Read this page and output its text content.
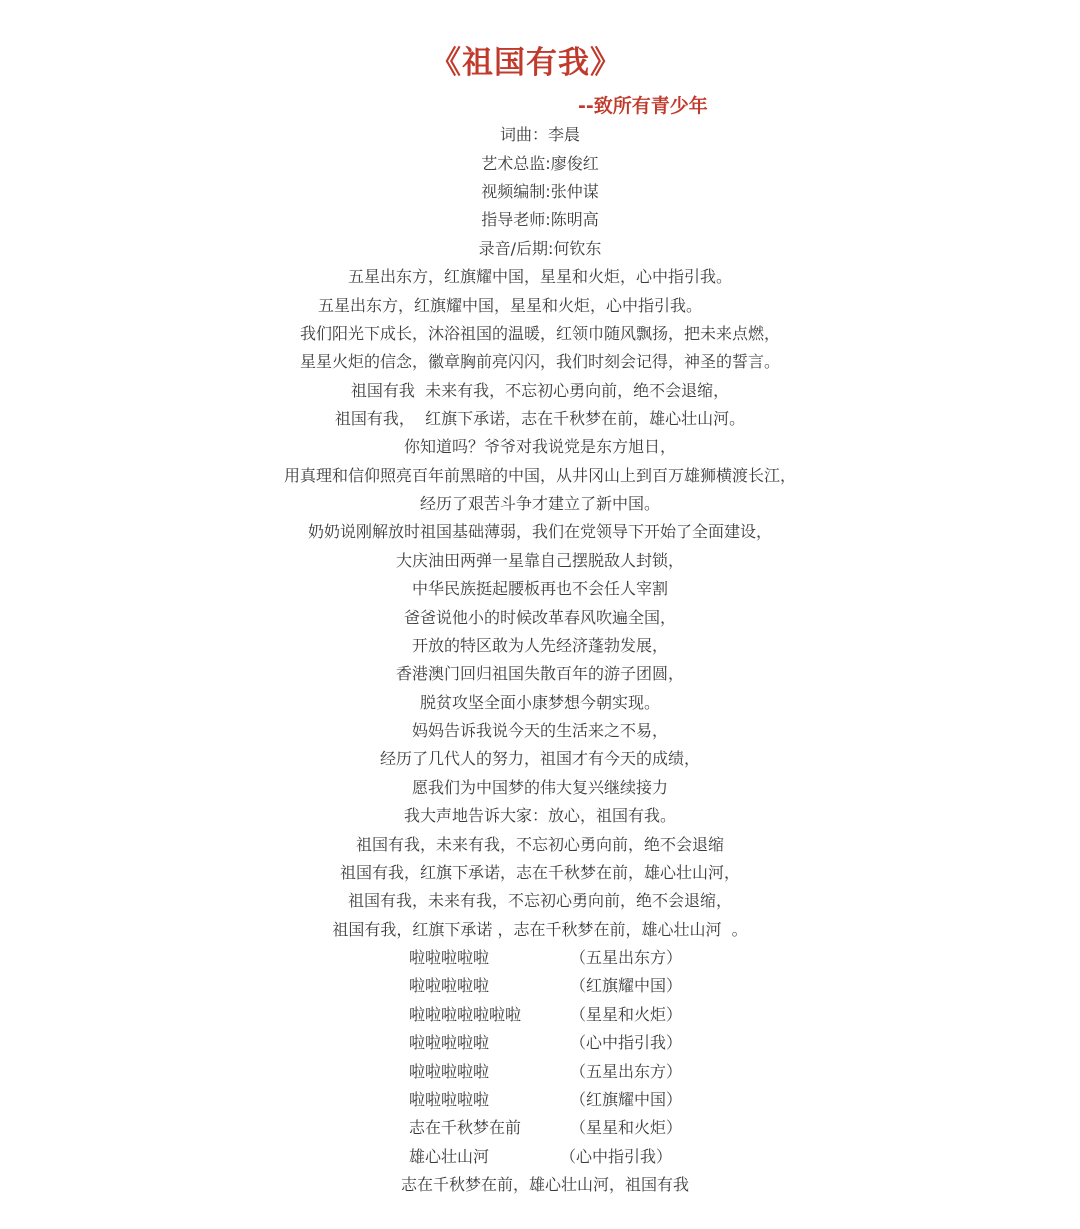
《祖国有我》
--致所有青少年
词曲：李晨
艺术总监:廖俊红
视频编制:张仲谋
指导老师:陈明高
录音/后期:何钦东
五星出东方，红旗耀中国，星星和火炬，心中指引我。
五星出东方，红旗耀中国，星星和火炬，心中指引我。
我们阳光下成长，沐浴祖国的温暖，红领巾随风飘扬，把未来点燃，
星星火炬的信念，徽章胸前亮闪闪，我们时刻会记得，神圣的誓言。
祖国有我  未来有我，不忘初心勇向前，绝不会退缩，
祖国有我，  红旗下承诺，志在千秋梦在前，雄心壮山河。
你知道吗？爷爷对我说党是东方旭日，
用真理和信仰照亮百年前黑暗的中国，从井冈山上到百万雄狮横渡长江，
经历了艰苦斗争才建立了新中国。
奶奶说刚解放时祖国基础薄弱，我们在党领导下开始了全面建设，
大庆油田两弹一星靠自己摆脱敌人封锁，
中华民族挺起腰板再也不会任人宰割
爸爸说他小的时候改革春风吹遍全国，
开放的特区敢为人先经济蓬勃发展，
香港澳门回归祖国失散百年的游子团圆，
脱贫攻坚全面小康梦想今朝实现。
妈妈告诉我说今天的生活来之不易，
经历了几代人的努力，祖国才有今天的成绩，
愿我们为中国梦的伟大复兴继续接力
我大声地告诉大家：放心，祖国有我。
祖国有我，未来有我，不忘初心勇向前，绝不会退缩
祖国有我，红旗下承诺，志在千秋梦在前，雄心壮山河，
祖国有我，未来有我，不忘初心勇向前，绝不会退缩，
祖国有我，红旗下承诺 ，志在千秋梦在前，雄心壮山河  。
啦啦啦啦啦	（五星出东方）
啦啦啦啦啦	（红旗耀中国）
啦啦啦啦啦啦啦	（星星和火炬）
啦啦啦啦啦	（心中指引我）
啦啦啦啦啦	（五星出东方）
啦啦啦啦啦	（红旗耀中国）
志在千秋梦在前	（星星和火炬）
雄心壮山河	（心中指引我）
志在千秋梦在前，雄心壮山河，祖国有我
